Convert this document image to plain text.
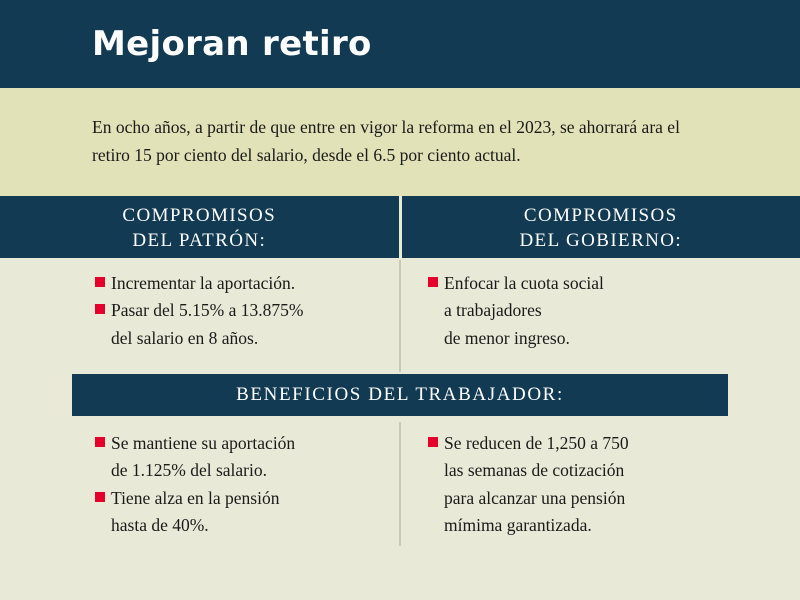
Mejoran retiro
En ocho años, a partir de que entre en vigor la reforma en el 2023, se ahorrará ara el retiro 15 por ciento del salario, desde el 6.5 por ciento actual.
COMPROMISOS
DEL PATRÓN:
COMPROMISOS
DEL GOBIERNO:
Incrementar la aportación.
Pasar del 5.15% a 13.875%
del salario en 8 años.
Enfocar la cuota social
a trabajadores
de menor ingreso.
BENEFICIOS DEL TRABAJADOR:
Se mantiene su aportación
de 1.125% del salario.
Tiene alza en la pensión
hasta de 40%.
Se reducen de 1,250 a 750
las semanas de cotización
para alcanzar una pensión
mímima garantizada.
